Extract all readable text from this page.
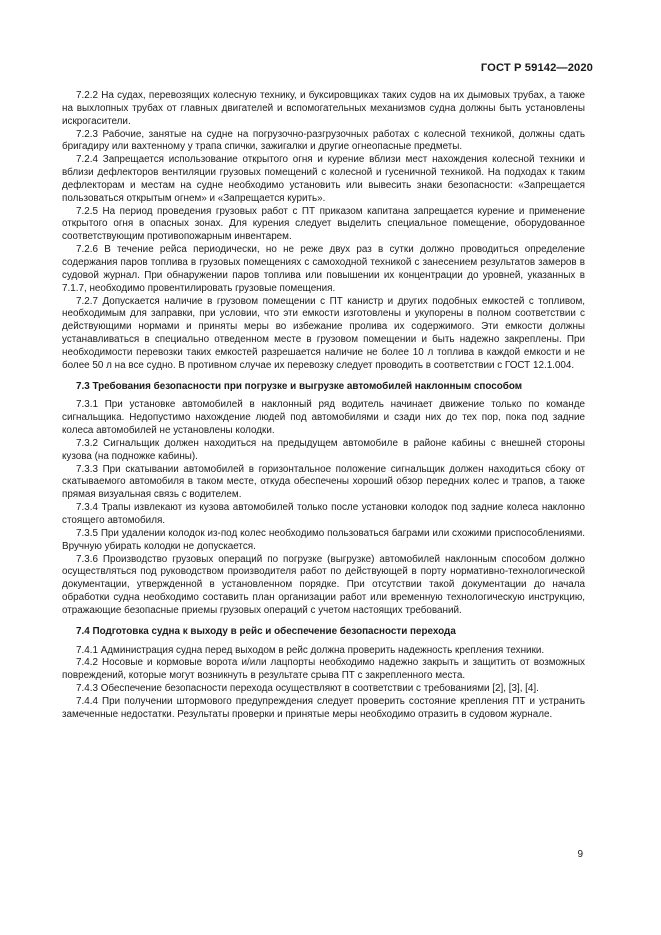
ГОСТ Р 59142—2020

7.2.2 На судах, перевозящих колесную технику, и буксировщиках таких судов на их дымовых трубах, а также на выхлопных трубах от главных двигателей и вспомогательных механизмов судна должны быть установлены искрогасители.

7.2.3 Рабочие, занятые на судне на погрузочно-разгрузочных работах с колесной техникой, должны сдать бригадиру или вахтенному у трапа спички, зажигалки и другие огнеопасные предметы.

7.2.4 Запрещается использование открытого огня и курение вблизи мест нахождения колесной техники и вблизи дефлекторов вентиляции грузовых помещений с колесной и гусеничной техникой. На подходах к таким дефлекторам и местам на судне необходимо установить или вывесить знаки безопасности: «Запрещается пользоваться открытым огнем» и «Запрещается курить».

7.2.5 На период проведения грузовых работ с ПТ приказом капитана запрещается курение и применение открытого огня в опасных зонах. Для курения следует выделить специальное помещение, оборудованное соответствующим противопожарным инвентарем.

7.2.6 В течение рейса периодически, но не реже двух раз в сутки должно проводиться определение содержания паров топлива в грузовых помещениях с самоходной техникой с занесением результатов замеров в судовой журнал. При обнаружении паров топлива или повышении их концентрации до уровней, указанных в 7.1.7, необходимо провентилировать грузовые помещения.

7.2.7 Допускается наличие в грузовом помещении с ПТ канистр и других подобных емкостей с топливом, необходимым для заправки, при условии, что эти емкости изготовлены и укупорены в полном соответствии с действующими нормами и приняты меры во избежание пролива их содержимого. Эти емкости должны устанавливаться в специально отведенном месте в грузовом помещении и быть надежно закреплены. При необходимости перевозки таких емкостей разрешается наличие не более 10 л топлива в каждой емкости и не более 50 л на все судно. В противном случае их перевозку следует проводить в соответствии с ГОСТ 12.1.004.

7.3 Требования безопасности при погрузке и выгрузке автомобилей наклонным способом

7.3.1 При установке автомобилей в наклонный ряд водитель начинает движение только по команде сигнальщика. Недопустимо нахождение людей под автомобилями и сзади них до тех пор, пока под задние колеса автомобилей не установлены колодки.

7.3.2 Сигнальщик должен находиться на предыдущем автомобиле в районе кабины с внешней стороны кузова (на подножке кабины).

7.3.3 При скатывании автомобилей в горизонтальное положение сигнальщик должен находиться сбоку от скатываемого автомобиля в таком месте, откуда обеспечены хороший обзор передних колес и трапов, а также прямая визуальная связь с водителем.

7.3.4 Трапы извлекают из кузова автомобилей только после установки колодок под задние колеса наклонно стоящего автомобиля.

7.3.5 При удалении колодок из-под колес необходимо пользоваться баграми или схожими приспособлениями. Вручную убирать колодки не допускается.

7.3.6 Производство грузовых операций по погрузке (выгрузке) автомобилей наклонным способом должно осуществляться под руководством производителя работ по действующей в порту нормативно-технологической документации, утвержденной в установленном порядке. При отсутствии такой документации до начала обработки судна необходимо составить план организации работ или временную технологическую инструкцию, отражающие безопасные приемы грузовых операций с учетом настоящих требований.

7.4 Подготовка судна к выходу в рейс и обеспечение безопасности перехода

7.4.1 Администрация судна перед выходом в рейс должна проверить надежность крепления техники.

7.4.2 Носовые и кормовые ворота и/или лацпорты необходимо надежно закрыть и защитить от возможных повреждений, которые могут возникнуть в результате срыва ПТ с закрепленного места.

7.4.3 Обеспечение безопасности перехода осуществляют в соответствии с требованиями [2], [3], [4].

7.4.4 При получении штормового предупреждения следует проверить состояние крепления ПТ и устранить замеченные недостатки. Результаты проверки и принятые меры необходимо отразить в судовом журнале.

9
